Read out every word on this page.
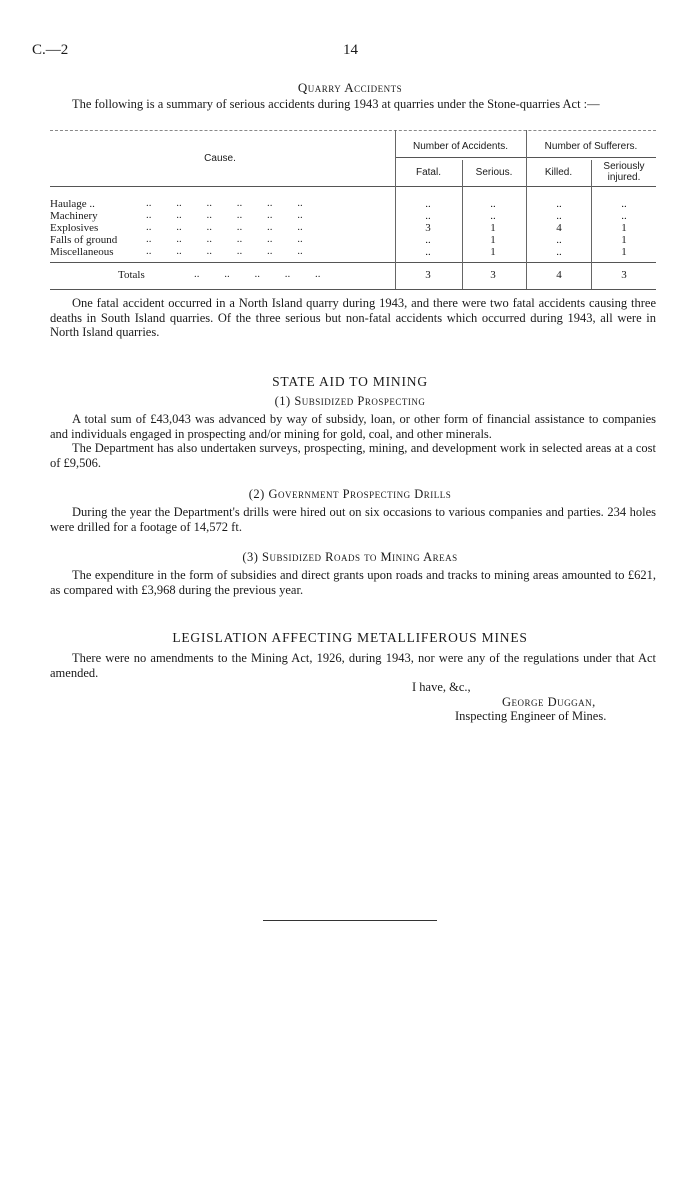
C.—2	14
Quarry Accidents
The following is a summary of serious accidents during 1943 at quarries under the Stone-quarries Act :—
Cause.
Number of Accidents.	Number of Sufferers.
Fatal.	Serious.	Killed.
Seriously injured.
Haulage ..	..         ..         ..         ..         ..         ..	..	..	..	..
Machinery	..         ..         ..         ..         ..         ..	..	..	..	..
Explosives	..         ..         ..         ..         ..         ..	3	1	4	1
Falls of ground	..         ..         ..         ..         ..         ..	..	1	..	1
Miscellaneous	..         ..         ..         ..         ..         ..	..	1	..	1
Totals	..         ..         ..         ..         ..	3	3	4	3
One fatal accident occurred in a North Island quarry during 1943, and there were two fatal accidents causing three deaths in South Island quarries. Of the three serious but non-fatal accidents which occurred during 1943, all were in North Island quarries.
STATE AID TO MINING
(1) Subsidized Prospecting
A total sum of £43,043 was advanced by way of subsidy, loan, or other form of financial assistance to companies and individuals engaged in prospecting and/or mining for gold, coal, and other minerals.
The Department has also undertaken surveys, prospecting, mining, and development work in selected areas at a cost of £9,506.
(2) Government Prospecting Drills
During the year the Department's drills were hired out on six occasions to various companies and parties. 234 holes were drilled for a footage of 14,572 ft.
(3) Subsidized Roads to Mining Areas
The expenditure in the form of subsidies and direct grants upon roads and tracks to mining areas amounted to £621, as compared with £3,968 during the previous year.
LEGISLATION AFFECTING METALLIFEROUS MINES
There were no amendments to the Mining Act, 1926, during 1943, nor were any of the regulations under that Act amended.
I have, &c.,
George Duggan,
Inspecting Engineer of Mines.
